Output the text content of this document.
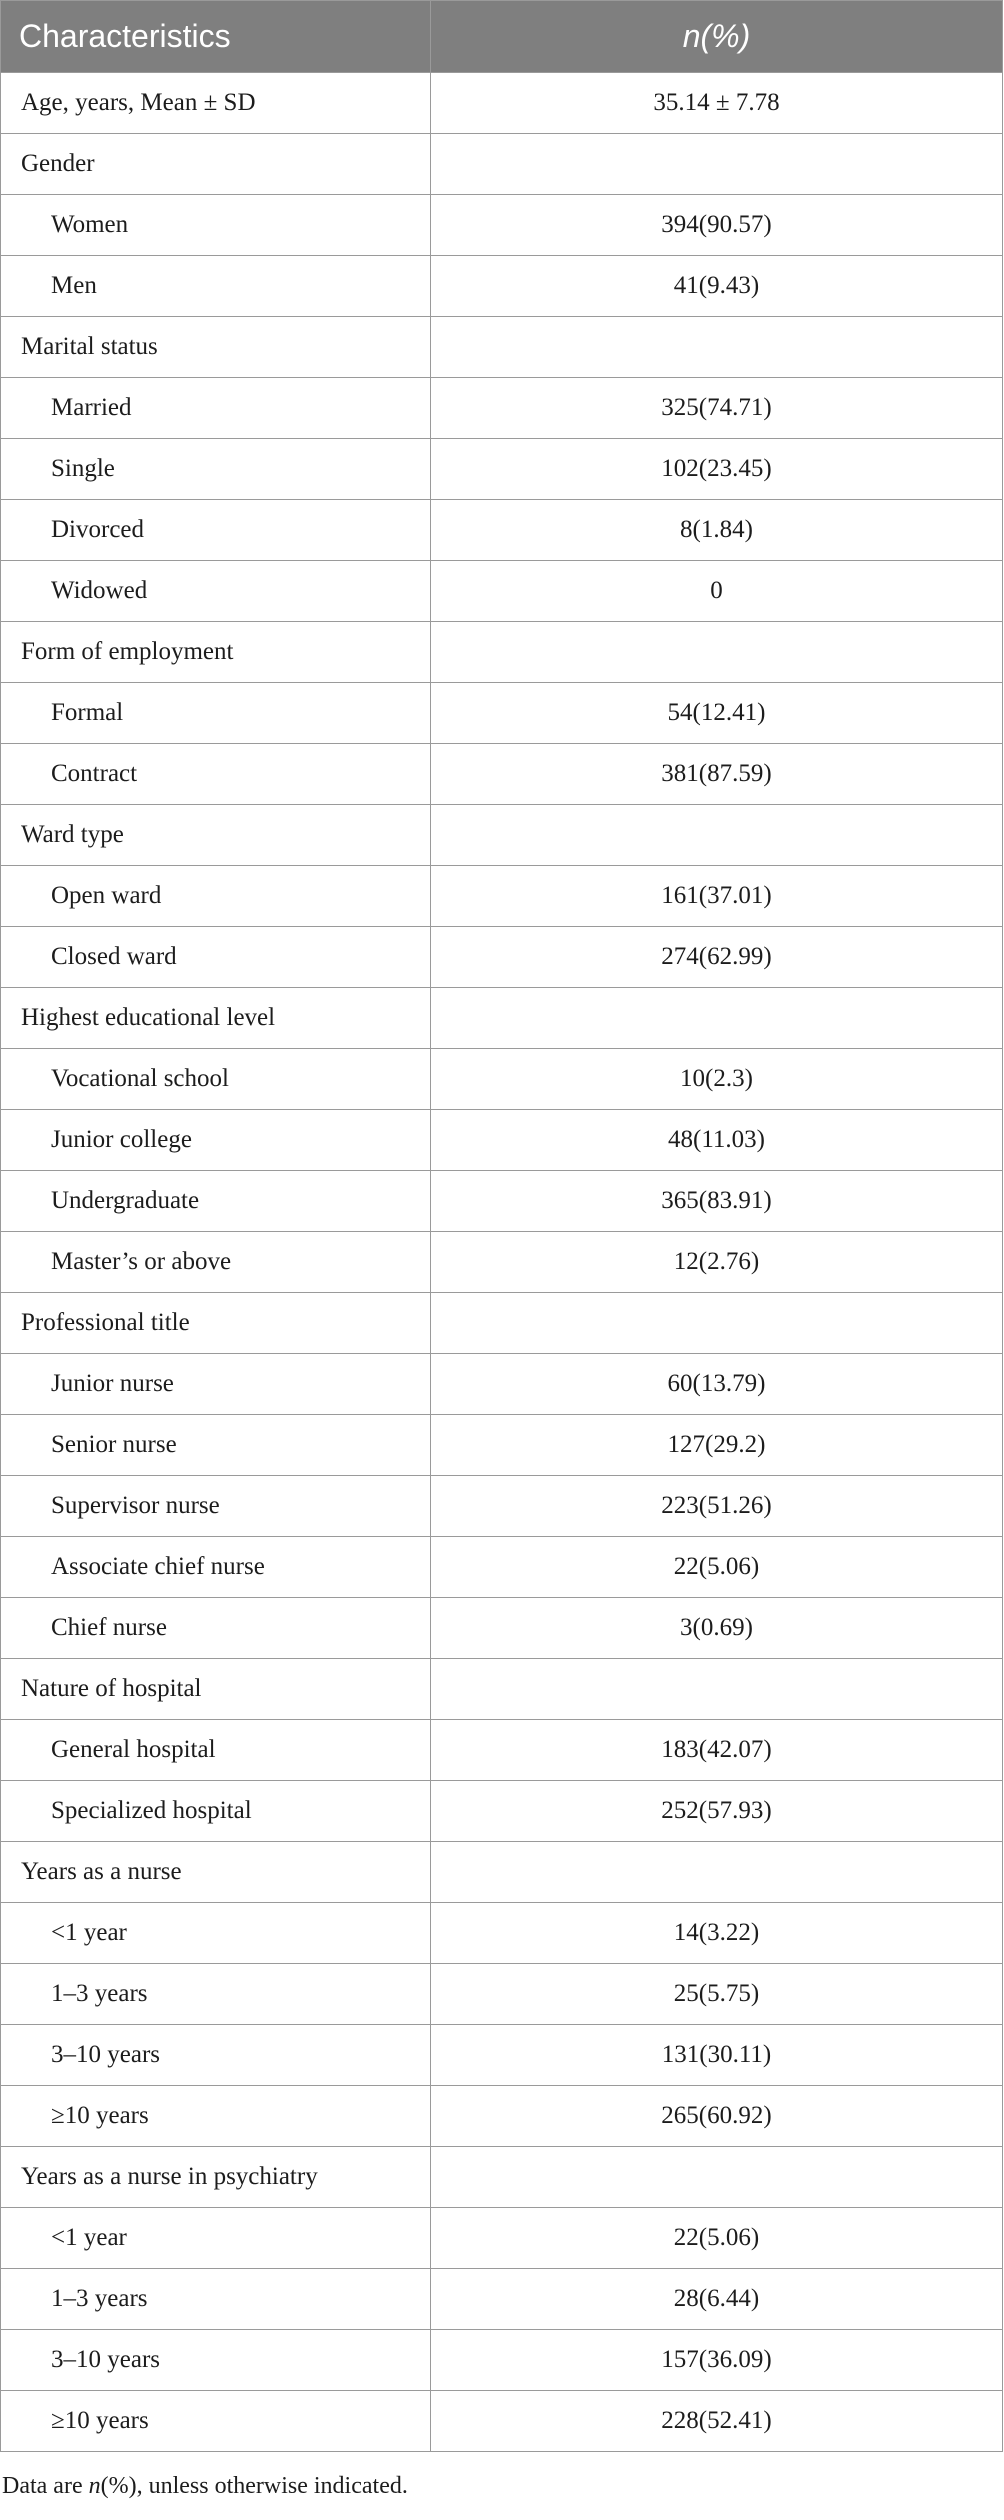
Characteristics	n(%)
Age, years, Mean ± SD	35.14 ± 7.78
Gender	
Women	394(90.57)
Men	41(9.43)
Marital status	
Married	325(74.71)
Single	102(23.45)
Divorced	8(1.84)
Widowed	0
Form of employment	
Formal	54(12.41)
Contract	381(87.59)
Ward type	
Open ward	161(37.01)
Closed ward	274(62.99)
Highest educational level	
Vocational school	10(2.3)
Junior college	48(11.03)
Undergraduate	365(83.91)
Master’s or above	12(2.76)
Professional title	
Junior nurse	60(13.79)
Senior nurse	127(29.2)
Supervisor nurse	223(51.26)
Associate chief nurse	22(5.06)
Chief nurse	3(0.69)
Nature of hospital	
General hospital	183(42.07)
Specialized hospital	252(57.93)
Years as a nurse	
<1 year	14(3.22)
1–3 years	25(5.75)
3–10 years	131(30.11)
≥10 years	265(60.92)
Years as a nurse in psychiatry	
<1 year	22(5.06)
1–3 years	28(6.44)
3–10 years	157(36.09)
≥10 years	228(52.41)

Data are n(%), unless otherwise indicated.
